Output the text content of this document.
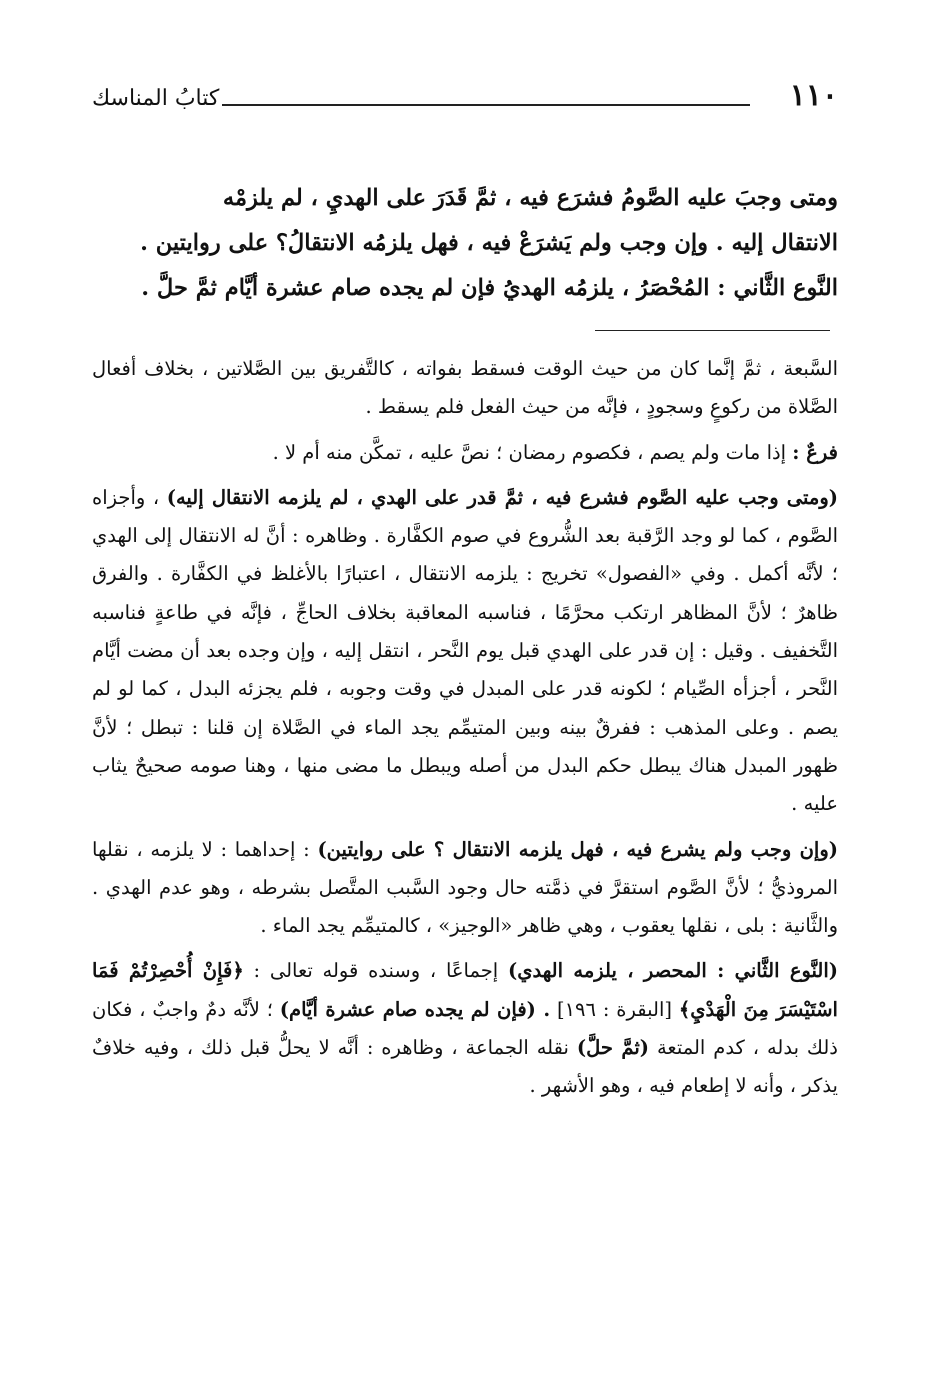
١١٠
كتابُ المناسك

ومتى وجبَ عليه الصَّومُ فشرَع فيه ، ثمَّ قَدَرَ على الهديِ ، لم يلزمْه

الانتقال إليه . وإن وجب ولم يَشرَعْ فيه ، فهل يلزمُه الانتقالُ؟ على روايتين .

النَّوع الثَّاني : المُحْصَرُ ، يلزمُه الهديُ فإن لم يجده صام عشرة أيَّام ثمَّ حلَّ .

السَّبعة ، ثمَّ إنَّما كان من حيث الوقت فسقط بفواته ، كالتَّفريق بين الصَّلاتين ، بخلاف أفعال الصَّلاة من ركوعٍ وسجودٍ ، فإنَّه من حيث الفعل فلم يسقط .

فرعٌ : إذا مات ولم يصم ، فكصوم رمضان ؛ نصَّ عليه ، تمكَّن منه أم لا .

(ومتى وجب عليه الصَّوم فشرع فيه ، ثمَّ قدر على الهدي ، لم يلزمه الانتقال إليه) ، وأجزاه الصَّوم ، كما لو وجد الرَّقبة بعد الشُّروع في صوم الكفَّارة . وظاهره : أنَّ له الانتقال إلى الهدي ؛ لأنَّه أكمل . وفي «الفصول» تخريج : يلزمه الانتقال ، اعتبارًا بالأغلظ في الكفَّارة . والفرق ظاهرٌ ؛ لأنَّ المظاهر ارتكب محرَّمًا ، فناسبه المعاقبة بخلاف الحاجِّ ، فإنَّه في طاعةٍ فناسبه التَّخفيف . وقيل : إن قدر على الهدي قبل يوم النَّحر ، انتقل إليه ، وإن وجده بعد أن مضت أيَّام النَّحر ، أجزأه الصِّيام ؛ لكونه قدر على المبدل في وقت وجوبه ، فلم يجزئه البدل ، كما لو لم يصم . وعلى المذهب : ففرقٌ بينه وبين المتيمِّم يجد الماء في الصَّلاة إن قلنا : تبطل ؛ لأنَّ ظهور المبدل هناك يبطل حكم البدل من أصله ويبطل ما مضى منها ، وهنا صومه صحيحٌ يثاب عليه .

(وإن وجب ولم يشرع فيه ، فهل يلزمه الانتقال ؟ على روايتين) : إحداهما : لا يلزمه ، نقلها المروذيُّ ؛ لأنَّ الصَّوم استقرَّ في ذمَّته حال وجود السَّبب المتَّصل بشرطه ، وهو عدم الهدي . والثَّانية : بلى ، نقلها يعقوب ، وهي ظاهر «الوجيز» ، كالمتيمِّم يجد الماء .

(النَّوع الثَّاني : المحصر ، يلزمه الهدي) إجماعًا ، وسنده قوله تعالى : ﴿فَإِنْ أُحْصِرْتُمْ فَمَا اسْتَيْسَرَ مِنَ الْهَدْيِ﴾ [البقرة : ١٩٦] . (فإن لم يجده صام عشرة أيَّام) ؛ لأنَّه دمٌ واجبٌ ، فكان ذلك بدله ، كدم المتعة (ثمَّ حلَّ) نقله الجماعة ، وظاهره : أنَّه لا يحلُّ قبل ذلك ، وفيه خلافٌ يذكر ، وأنه لا إطعام فيه ، وهو الأشهر .
